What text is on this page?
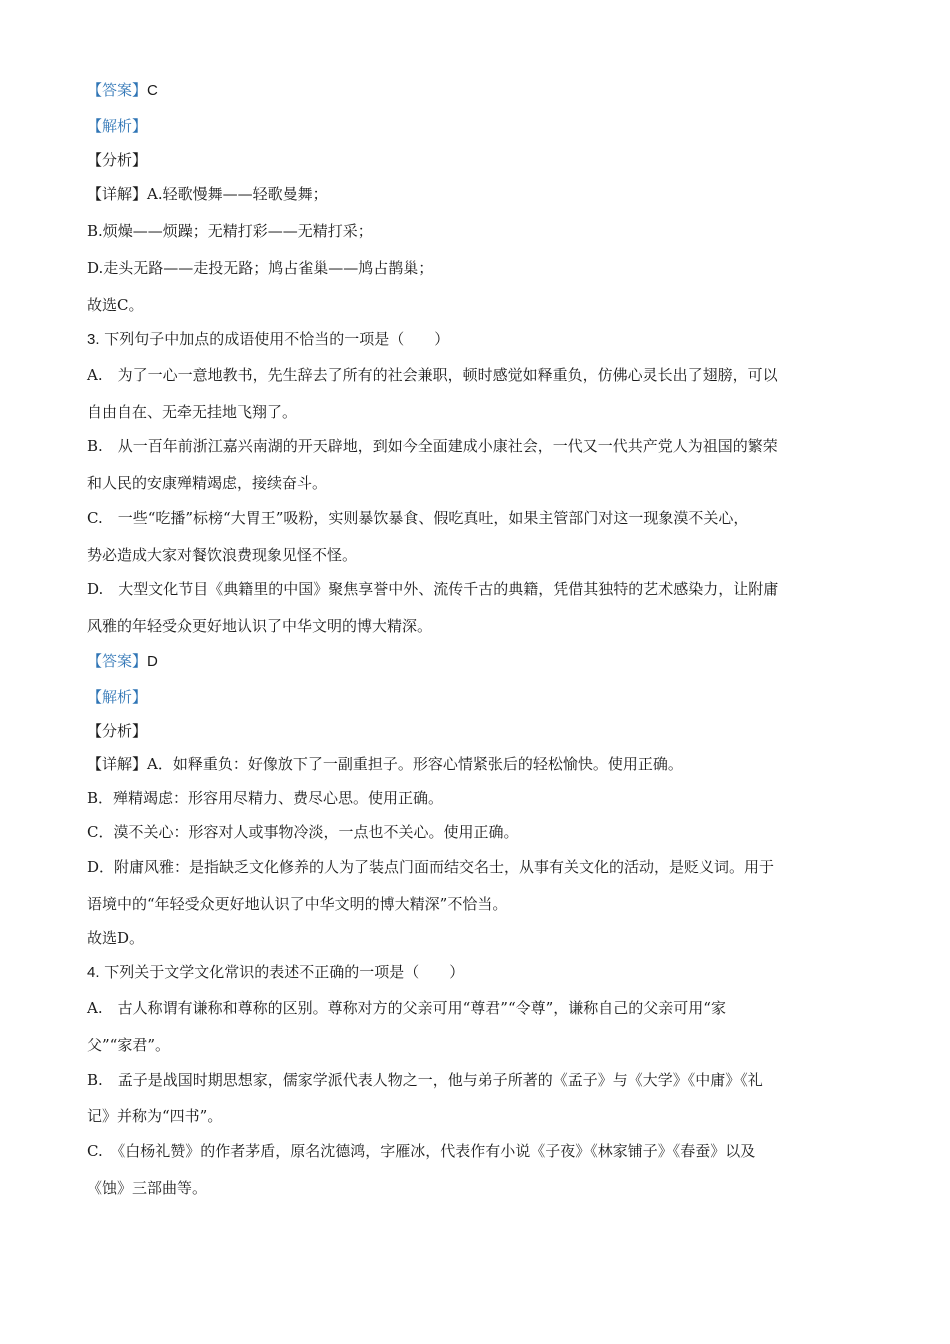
【答案】C
【解析】
【分析】
【详解】A.轻歌慢舞——轻歌曼舞；
B.烦燥——烦躁；无精打彩——无精打采；
D.走头无路——走投无路；鸠占雀巢——鸠占鹊巢；
故选C。
3. 下列句子中加点的成语使用不恰当的一项是（　　）
A.　为了一心一意地教书，先生辞去了所有的社会兼职，顿时感觉如释重负，仿佛心灵长出了翅膀，可以
自由自在、无牵无挂地飞翔了。
B.　从一百年前浙江嘉兴南湖的开天辟地，到如今全面建成小康社会，一代又一代共产党人为祖国的繁荣
和人民的安康殚精竭虑，接续奋斗。
C.　一些“吃播”标榜“大胃王”吸粉，实则暴饮暴食、假吃真吐，如果主管部门对这一现象漠不关心，
势必造成大家对餐饮浪费现象见怪不怪。
D.　大型文化节目《典籍里的中国》聚焦享誉中外、流传千古的典籍，凭借其独特的艺术感染力，让附庸
风雅的年轻受众更好地认识了中华文明的博大精深。
【答案】D
【解析】
【分析】
【详解】A．如释重负：好像放下了一副重担子。形容心情紧张后的轻松愉快。使用正确。
B．殚精竭虑：形容用尽精力、费尽心思。使用正确。
C．漠不关心：形容对人或事物冷淡，一点也不关心。使用正确。
D．附庸风雅：是指缺乏文化修养的人为了装点门面而结交名士，从事有关文化的活动，是贬义词。用于
语境中的“年轻受众更好地认识了中华文明的博大精深”不恰当。
故选D。
4. 下列关于文学文化常识的表述不正确的一项是（　　）
A.　古人称谓有谦称和尊称的区别。尊称对方的父亲可用“尊君”“令尊”，谦称自己的父亲可用“家
父”“家君”。
B.　孟子是战国时期思想家，儒家学派代表人物之一，他与弟子所著的《孟子》与《大学》《中庸》《礼
记》并称为“四书”。
C.　《白杨礼赞》的作者茅盾，原名沈德鸿，字雁冰，代表作有小说《子夜》《林家铺子》《春蚕》以及
《蚀》三部曲等。
